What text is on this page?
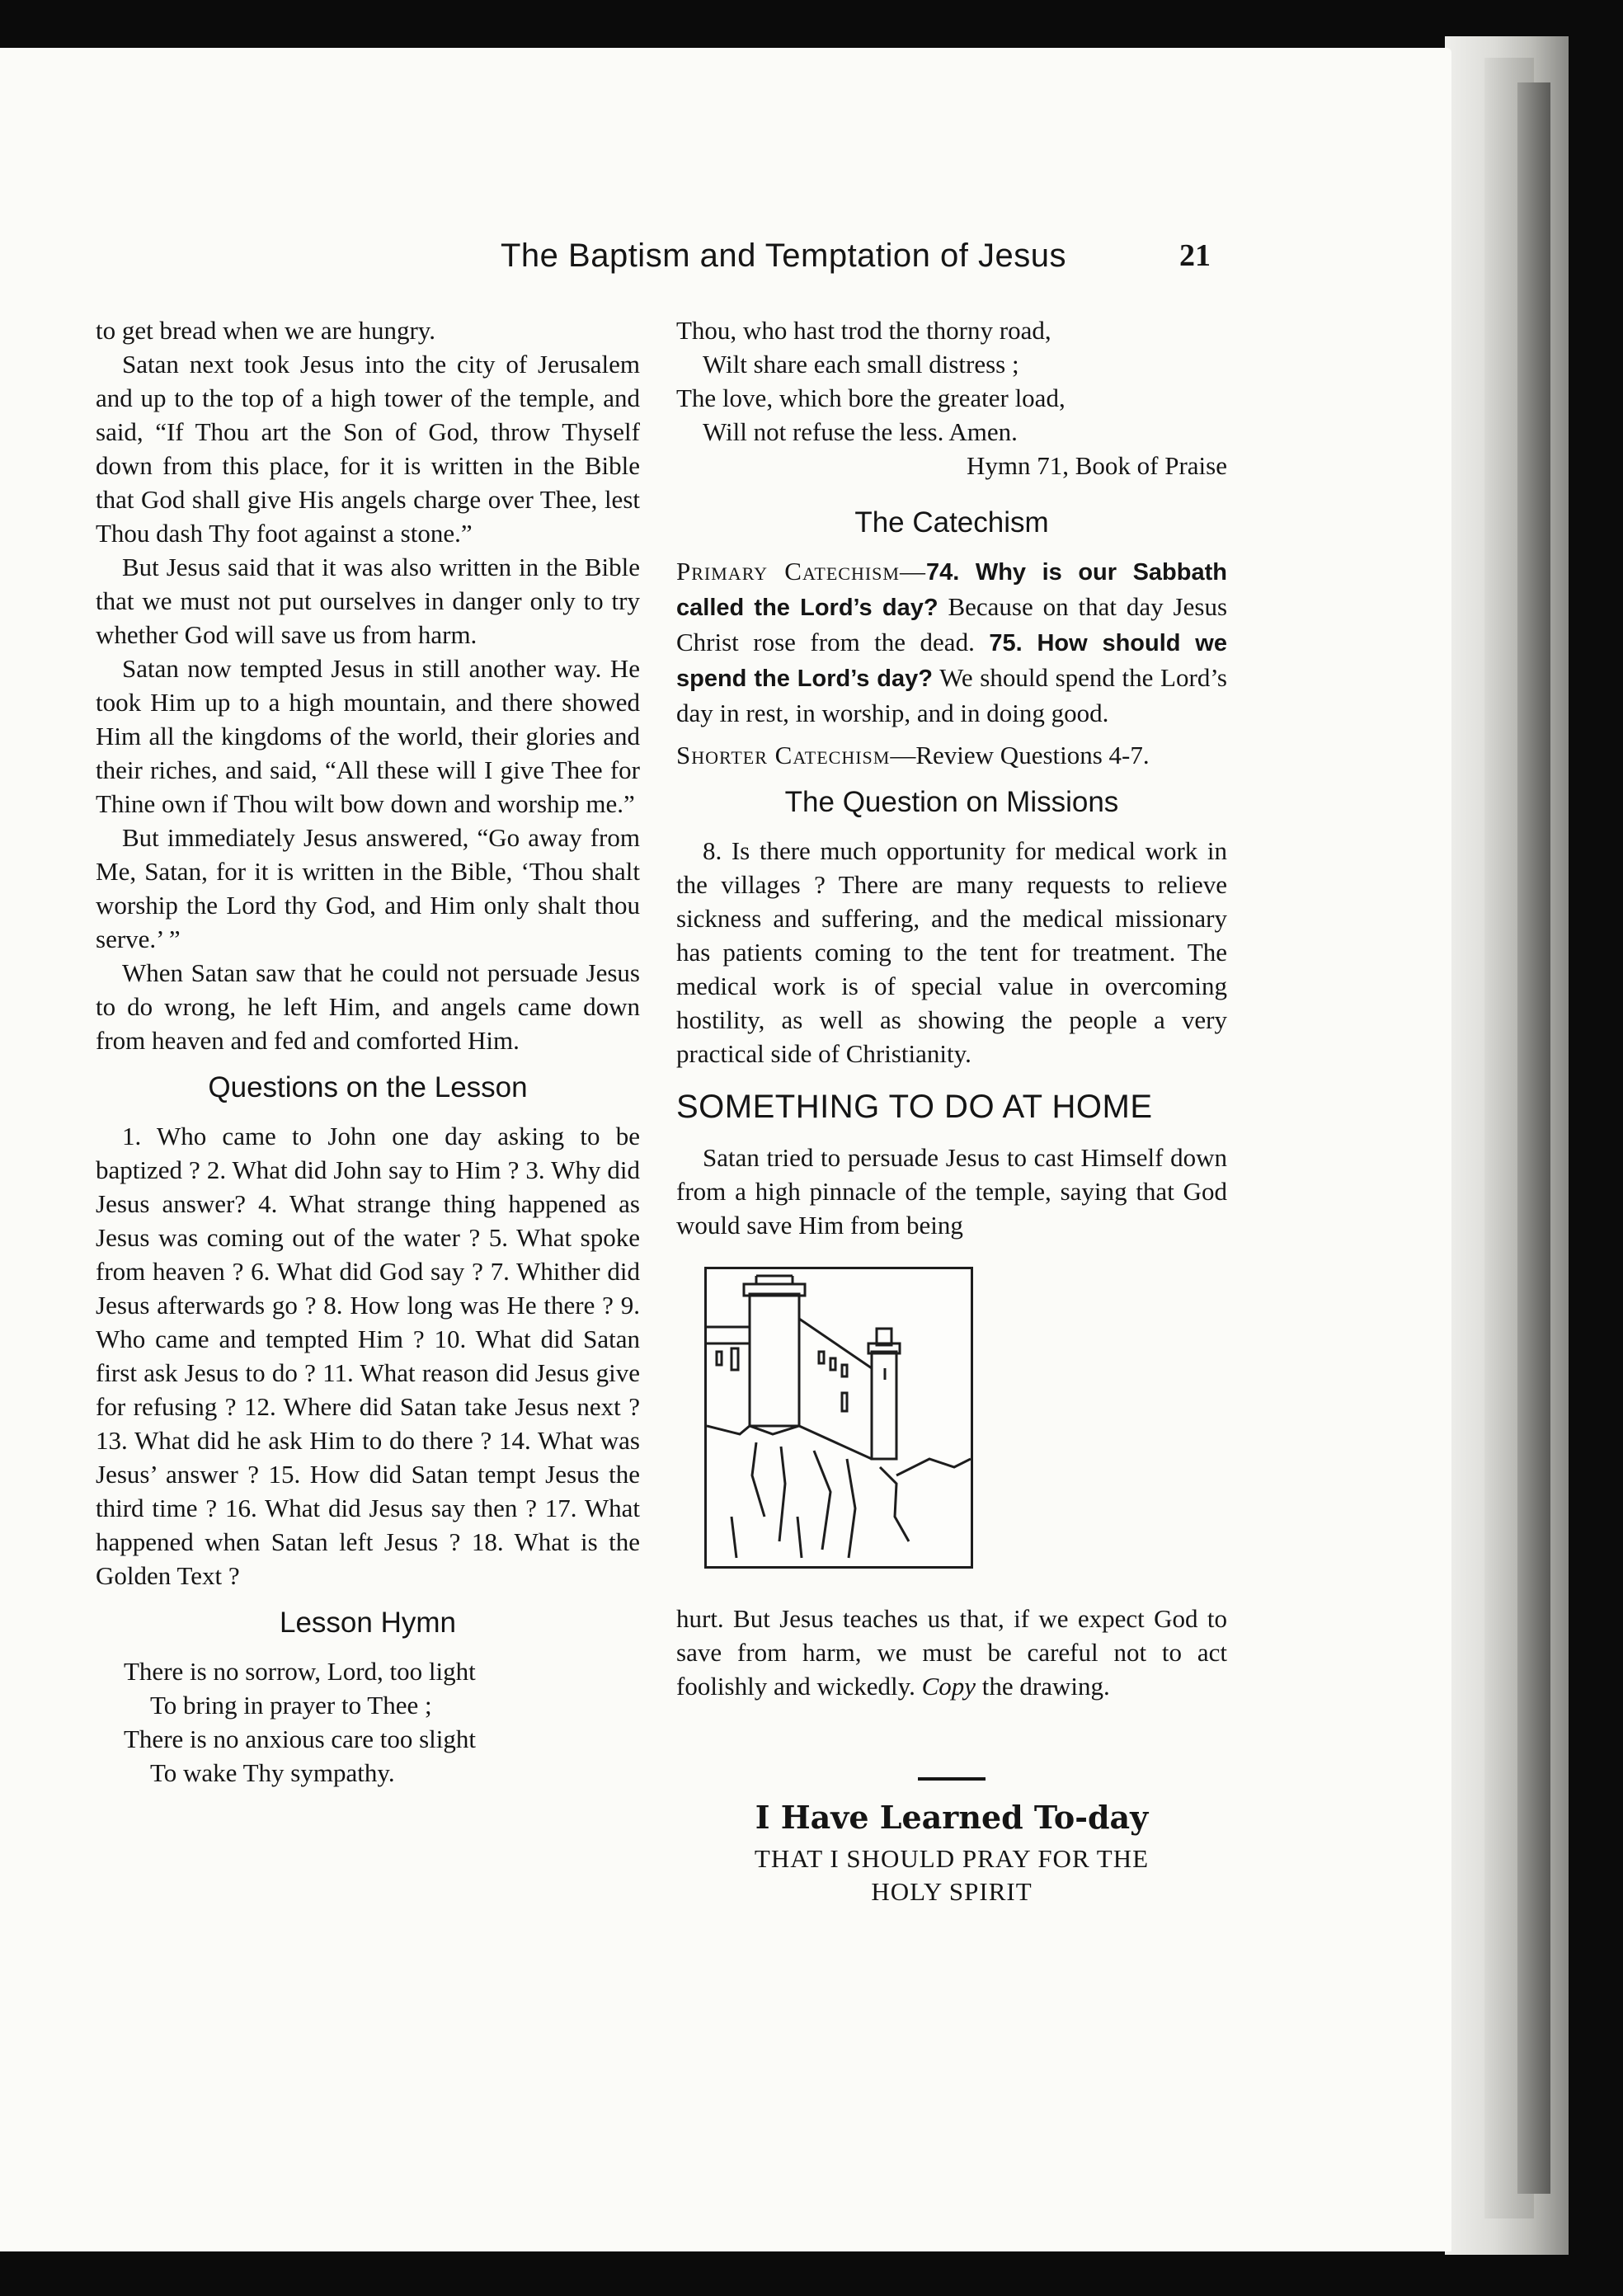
The Baptism and Temptation of Jesus	21

to get bread when we are hungry.

Satan next took Jesus into the city of Jerusalem and up to the top of a high tower of the temple, and said, “If Thou art the Son of God, throw Thyself down from this place, for it is written in the Bible that God shall give His angels charge over Thee, lest Thou dash Thy foot against a stone.”

But Jesus said that it was also written in the Bible that we must not put ourselves in danger only to try whether God will save us from harm.

Satan now tempted Jesus in still another way. He took Him up to a high mountain, and there showed Him all the kingdoms of the world, their glories and their riches, and said, “All these will I give Thee for Thine own if Thou wilt bow down and worship me.”

But immediately Jesus answered, “Go away from Me, Satan, for it is written in the Bible, ‘Thou shalt worship the Lord thy God, and Him only shalt thou serve.’ ”

When Satan saw that he could not persuade Jesus to do wrong, he left Him, and angels came down from heaven and fed and comforted Him.

Questions on the Lesson

1. Who came to John one day asking to be baptized ? 2. What did John say to Him ? 3. Why did Jesus answer? 4. What strange thing happened as Jesus was coming out of the water ? 5. What spoke from heaven ? 6. What did God say ? 7. Whither did Jesus afterwards go ? 8. How long was He there ? 9. Who came and tempted Him ? 10. What did Satan first ask Jesus to do ? 11. What reason did Jesus give for refusing ? 12. Where did Satan take Jesus next ? 13. What did he ask Him to do there ? 14. What was Jesus’ answer ? 15. How did Satan tempt Jesus the third time ? 16. What did Jesus say then ? 17. What happened when Satan left Jesus ? 18. What is the Golden Text ?

Lesson Hymn
There is no sorrow, Lord, too light
To bring in prayer to Thee ;
There is no anxious care too slight
To wake Thy sympathy.
Thou, who hast trod the thorny road,
Wilt share each small distress ;
The love, which bore the greater load,
Will not refuse the less. Amen.
Hymn 71, Book of Praise
The Catechism

Primary Catechism—74. Why is our Sabbath called the Lord’s day? Because on that day Jesus Christ rose from the dead. 75. How should we spend the Lord’s day? We should spend the Lord’s day in rest, in worship, and in doing good.

Shorter Catechism—Review Questions 4-7.

The Question on Missions

8. Is there much opportunity for medical work in the villages ? There are many requests to relieve sickness and suffering, and the medical missionary has patients coming to the tent for treatment. The medical work is of special value in overcoming hostility, as well as showing the people a very practical side of Christianity.

SOMETHING TO DO AT HOME

Satan tried to persuade Jesus to cast Himself down from a high pinnacle of the temple, saying that God would save Him from being

hurt. But Jesus teaches us that, if we expect God to save from harm, we must be careful not to act foolishly and wickedly. Copy the drawing.

I Have Learned To-day
THAT I SHOULD PRAY FOR THE
HOLY SPIRIT
